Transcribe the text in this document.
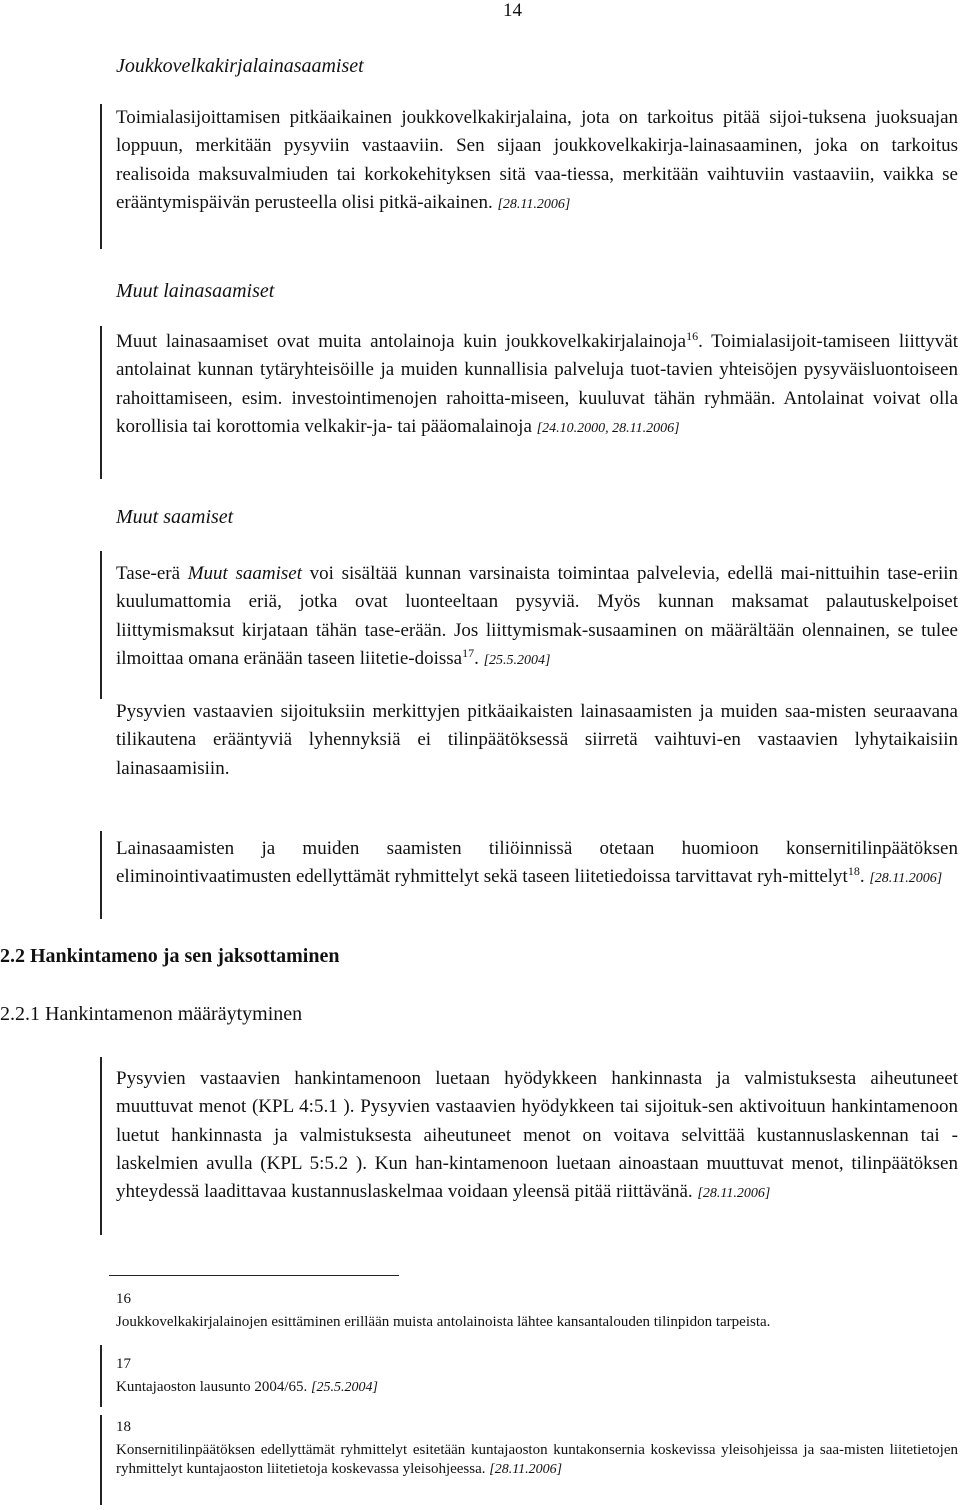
14
Joukkovelkakirjalainasaamiset
Toimialasijoittamisen pitkäaikainen joukkovelkakirjalaina, jota on tarkoitus pitää sijoi-tuksena juoksuajan loppuun, merkitään pysyviin vastaaviin. Sen sijaan joukkovelkakirja-lainasaaminen, joka on tarkoitus realisoida maksuvalmiuden tai korkokehityksen sitä vaa-tiessa, merkitään vaihtuviin vastaaviin, vaikka se erääntymispäivän perusteella olisi pitkä-aikainen. [28.11.2006]
Muut lainasaamiset
Muut lainasaamiset ovat muita antolainoja kuin joukkovelkakirjalainoja$^{16}$. Toimialasijoit-tamiseen liittyvät antolainat kunnan tytäryhteisöille ja muiden kunnallisia palveluja tuot-tavien yhteisöjen pysyväisluontoiseen rahoittamiseen, esim. investointimenojen rahoitta-miseen, kuuluvat tähän ryhmään. Antolainat voivat olla korollisia tai korottomia velkakir-ja- tai pääomalainoja [24.10.2000, 28.11.2006]
Muut saamiset
Tase-erä Muut saamiset voi sisältää kunnan varsinaista toimintaa palvelevia, edellä mai-nittuihin tase-eriin kuulumattomia eriä, jotka ovat luonteeltaan pysyviä. Myös kunnan maksamat palautuskelpoiset liittymismaksut kirjataan tähän tase-erään. Jos liittymismak-susaaminen on määrältään olennainen, se tulee ilmoittaa omana eränään taseen liitetie-doissa$^{17}$. [25.5.2004]
Pysyvien vastaavien sijoituksiin merkittyjen pitkäaikaisten lainasaamisten ja muiden saa-misten seuraavana tilikautena erääntyviä lyhennyksiä ei tilinpäätöksessä siirretä vaihtuvi-en vastaavien lyhytaikaisiin lainasaamisiin.
Lainasaamisten ja muiden saamisten tiliöinnissä otetaan huomioon konsernitilinpäätöksen eliminointivaatimusten edellyttämät ryhmittelyt sekä taseen liitetiedoissa tarvittavat ryh-mittelyt$^{18}$. [28.11.2006]
2.2 Hankintameno ja sen jaksottaminen
2.2.1 Hankintamenon määräytyminen
Pysyvien vastaavien hankintamenoon luetaan hyödykkeen hankinnasta ja valmistuksesta aiheutuneet muuttuvat menot (KPL 4:5.1 ). Pysyvien vastaavien hyödykkeen tai sijoituk-sen aktivoituun hankintamenoon luetut hankinnasta ja valmistuksesta aiheutuneet menot on voitava selvittää kustannuslaskennan tai -laskelmien avulla (KPL 5:5.2 ). Kun han-kintamenoon luetaan ainoastaan muuttuvat menot, tilinpäätöksen yhteydessä laadittavaa kustannuslaskelmaa voidaan yleensä pitää riittävänä. [28.11.2006]
16
Joukkovelkakirjalainojen esittäminen erillään muista antolainoista lähtee kansantalouden tilinpidon tarpeista.
17
Kuntajaoston lausunto 2004/65. [25.5.2004]
18
Konsernitilinpäätöksen edellyttämät ryhmittelyt esitetään kuntajaoston kuntakonsernia koskevissa yleisohjeissa ja saa-misten liitetietojen ryhmittelyt kuntajaoston liitetietoja koskevassa yleisohjeessa. [28.11.2006]
